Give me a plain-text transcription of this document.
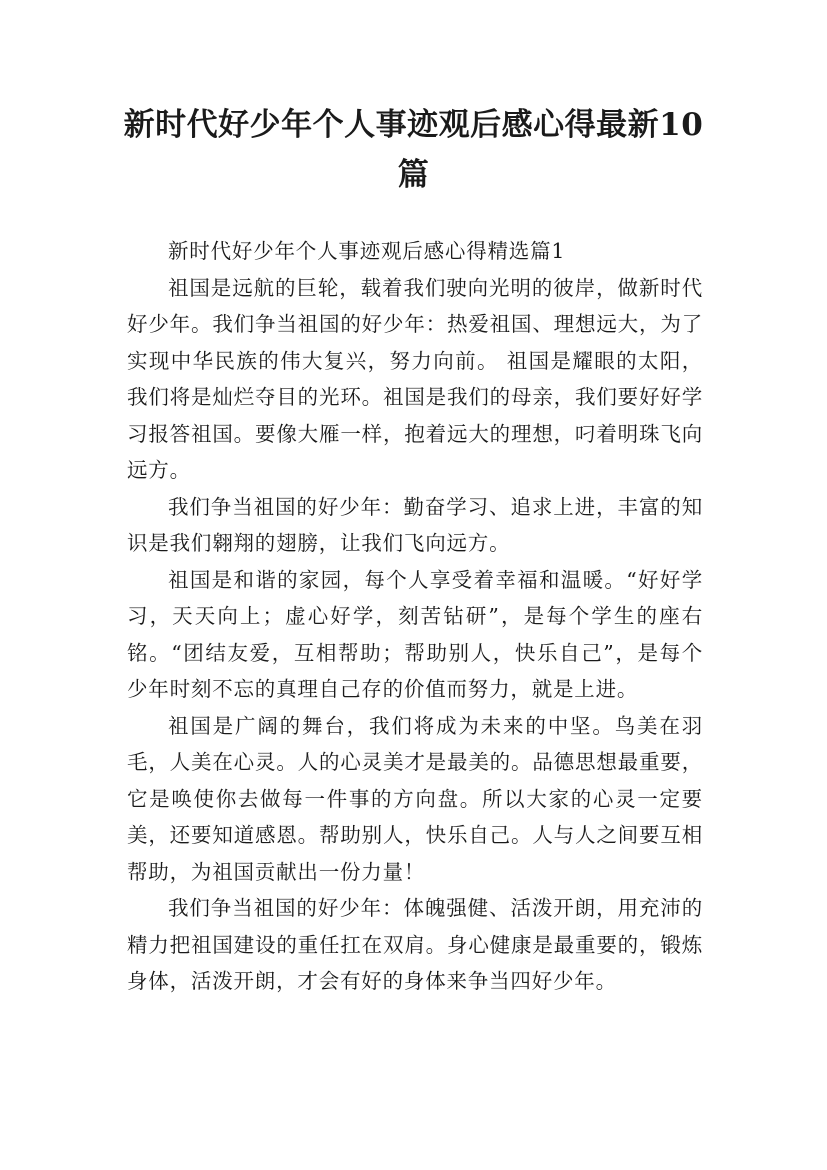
新时代好少年个人事迹观后感心得最新10篇

新时代好少年个人事迹观后感心得精选篇1

祖国是远航的巨轮，载着我们驶向光明的彼岸，做新时代好少年。我们争当祖国的好少年：热爱祖国、理想远大，为了实现中华民族的伟大复兴，努力向前。 祖国是耀眼的太阳，我们将是灿烂夺目的光环。祖国是我们的母亲，我们要好好学习报答祖国。要像大雁一样，抱着远大的理想，叼着明珠飞向远方。

我们争当祖国的好少年：勤奋学习、追求上进，丰富的知识是我们翱翔的翅膀，让我们飞向远方。

祖国是和谐的家园，每个人享受着幸福和温暖。“好好学习，天天向上；虚心好学，刻苦钻研”，是每个学生的座右铭。“团结友爱，互相帮助；帮助别人，快乐自己”，是每个少年时刻不忘的真理自己存的价值而努力，就是上进。

祖国是广阔的舞台，我们将成为未来的中坚。鸟美在羽毛，人美在心灵。人的心灵美才是最美的。品德思想最重要，它是唤使你去做每一件事的方向盘。所以大家的心灵一定要美，还要知道感恩。帮助别人，快乐自己。人与人之间要互相帮助，为祖国贡献出一份力量！

我们争当祖国的好少年：体魄强健、活泼开朗，用充沛的精力把祖国建设的重任扛在双肩。身心健康是最重要的，锻炼身体，活泼开朗，才会有好的身体来争当四好少年。
